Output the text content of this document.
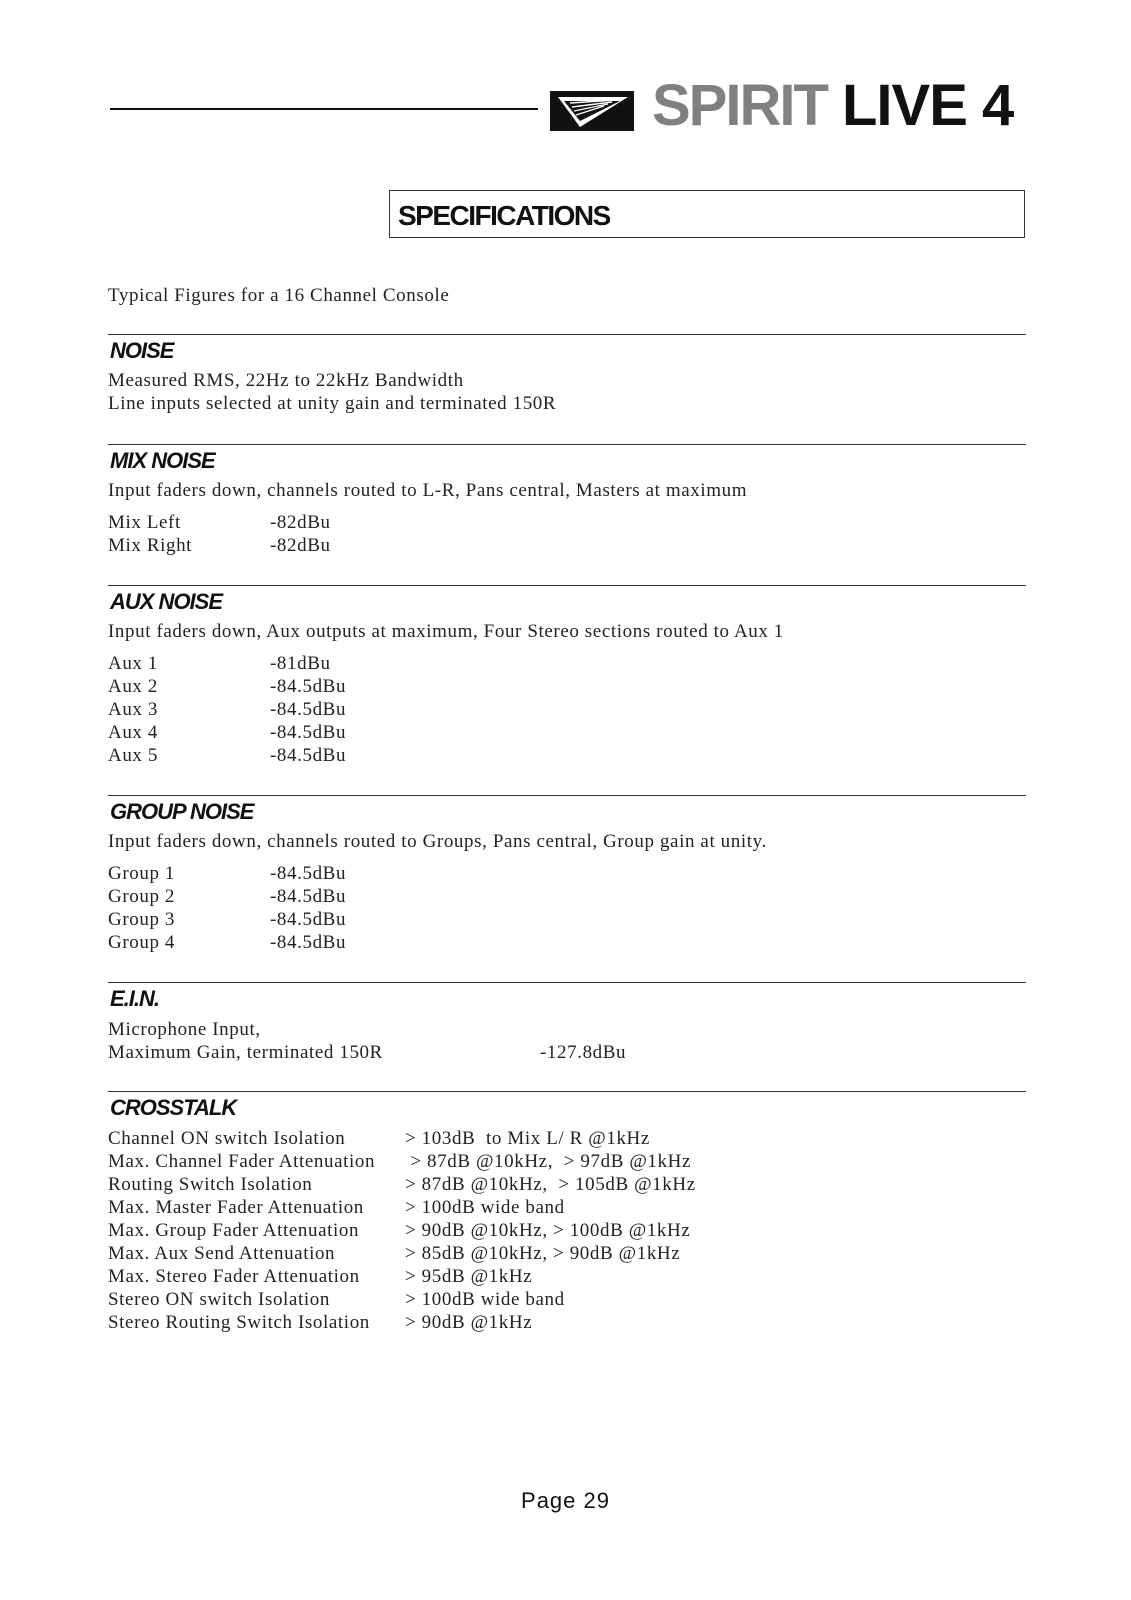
SPIRIT LIVE 4
SPECIFICATIONS
Typical Figures for a 16 Channel Console
NOISE
Measured RMS, 22Hz to 22kHz Bandwidth
Line inputs selected at unity gain and terminated 150R
MIX NOISE
Input faders down, channels routed to L-R, Pans central, Masters at maximum
Mix Left	-82dBu
Mix Right	-82dBu
AUX NOISE
Input faders down, Aux outputs at maximum, Four Stereo sections routed to Aux 1
Aux 1	-81dBu
Aux 2	-84.5dBu
Aux 3	-84.5dBu
Aux 4	-84.5dBu
Aux 5	-84.5dBu
GROUP NOISE
Input faders down, channels routed to Groups, Pans central, Group gain at unity.
Group 1	-84.5dBu
Group 2	-84.5dBu
Group 3	-84.5dBu
Group 4	-84.5dBu
E.I.N.
Microphone Input,
Maximum Gain, terminated 150R	-127.8dBu
CROSSTALK
Channel ON switch Isolation	> 103dB  to Mix L/ R @1kHz
Max. Channel Fader Attenuation > 87dB @10kHz,  > 97dB @1kHz
Routing Switch Isolation	> 87dB @10kHz,  > 105dB @1kHz
Max. Master Fader Attenuation > 100dB wide band
Max. Group Fader Attenuation > 90dB @10kHz, > 100dB @1kHz
Max. Aux Send Attenuation	> 85dB @10kHz, > 90dB @1kHz
Max. Stereo Fader Attenuation > 95dB @1kHz
Stereo ON switch Isolation	> 100dB wide band
Stereo Routing Switch Isolation > 90dB @1kHz
Page 29
